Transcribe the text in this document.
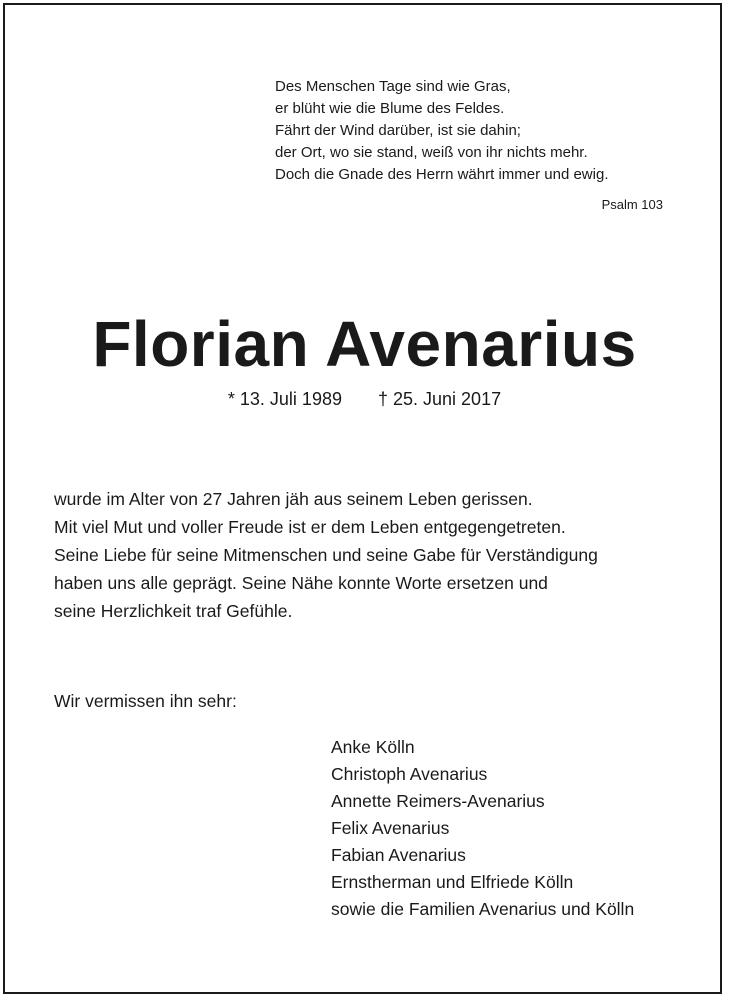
Des Menschen Tage sind wie Gras,
er blüht wie die Blume des Feldes.
Fährt der Wind darüber, ist sie dahin;
der Ort, wo sie stand, weiß von ihr nichts mehr.
Doch die Gnade des Herrn währt immer und ewig.
Psalm 103
Florian Avenarius
* 13. Juli 1989 † 25. Juni 2017
wurde im Alter von 27 Jahren jäh aus seinem Leben gerissen.
Mit viel Mut und voller Freude ist er dem Leben entgegengetreten.
Seine Liebe für seine Mitmenschen und seine Gabe für Verständigung
haben uns alle geprägt. Seine Nähe konnte Worte ersetzen und
seine Herzlichkeit traf Gefühle.
Wir vermissen ihn sehr:
Anke Kölln
Christoph Avenarius
Annette Reimers-Avenarius
Felix Avenarius
Fabian Avenarius
Ernstherman und Elfriede Kölln
sowie die Familien Avenarius und Kölln
